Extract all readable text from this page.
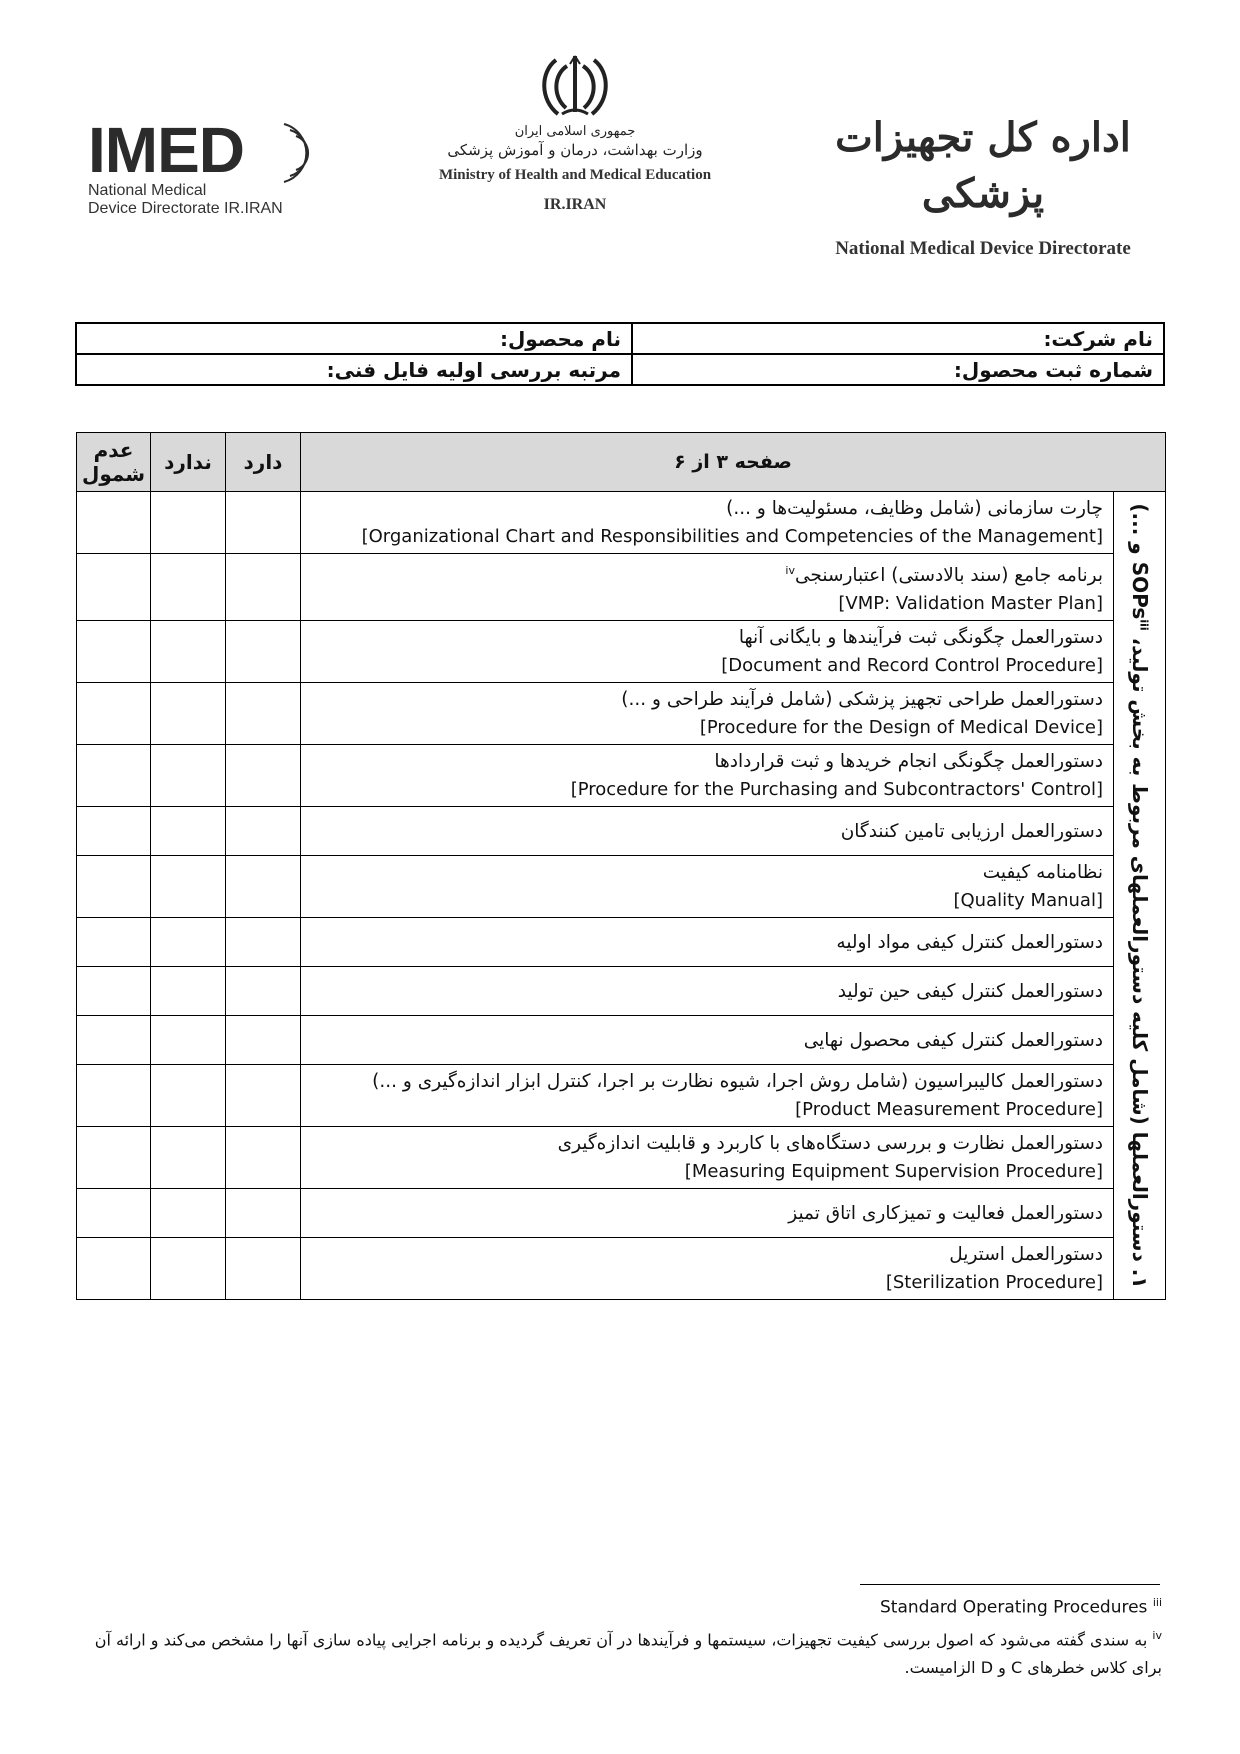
IMED
National Medical
Device Directorate IR.IRAN
جمهوری اسلامی ایران
وزارت بهداشت، درمان و آموزش پزشکی
Ministry of Health and Medical Education
IR.IRAN
اداره کل تجهیزات پزشکی
National Medical Device Directorate
نام شرکت:	نام محصول:
شماره ثبت محصول:	مرتبه بررسی اولیه فایل فنی:
صفحه ۳ از ۶		دارد	ندارد	عدم
شمول

۱. دستورالعملها (شامل کلیه دستورالعملهای مربوط به بخش تولید، SOPs$^{iii}$ و ...)	چارت سازمانی (شامل وظایف، مسئولیت‌ها و ...)
[Organizational Chart and Responsibilities and Competencies of the Management]			

	برنامه جامع (سند بالادستی) اعتبارسنجی$^{iv}$
[VMP: Validation Master Plan]			

	دستورالعمل چگونگی ثبت فرآیندها و بایگانی آنها
[Document and Record Control Procedure]			

	دستورالعمل طراحی تجهیز پزشکی (شامل فرآیند طراحی و ...)
[Procedure for the Design of Medical Device]			

	دستورالعمل چگونگی انجام خریدها و ثبت قراردادها
[Procedure for the Purchasing and Subcontractors' Control]			

	دستورالعمل ارزیابی تامین کنندگان			

	نظامنامه کیفیت
[Quality Manual]			

	دستورالعمل کنترل کیفی مواد اولیه			

	دستورالعمل کنترل کیفی حین تولید			

	دستورالعمل کنترل کیفی محصول نهایی			

	دستورالعمل کالیبراسیون (شامل روش اجرا، شیوه نظارت بر اجرا، کنترل ابزار اندازه‌گیری و ...)
[Product Measurement Procedure]			

	دستورالعمل نظارت و بررسی دستگاه‌های با کاربرد و قابلیت اندازه‌گیری
[Measuring Equipment Supervision Procedure]			

	دستورالعمل فعالیت و تمیزکاری اتاق تمیز			

	دستورالعمل استریل
[Sterilization Procedure]			

Standard Operating Procedures $^{iii}$
$^{iv}$ به سندی گفته می‌شود که اصول بررسی کیفیت تجهیزات، سیستمها و فرآیندها در آن تعریف گردیده و برنامه اجرایی پیاده سازی آنها را مشخص می‌کند و ارائه آن برای کلاس خطرهای C و D الزامیست.
